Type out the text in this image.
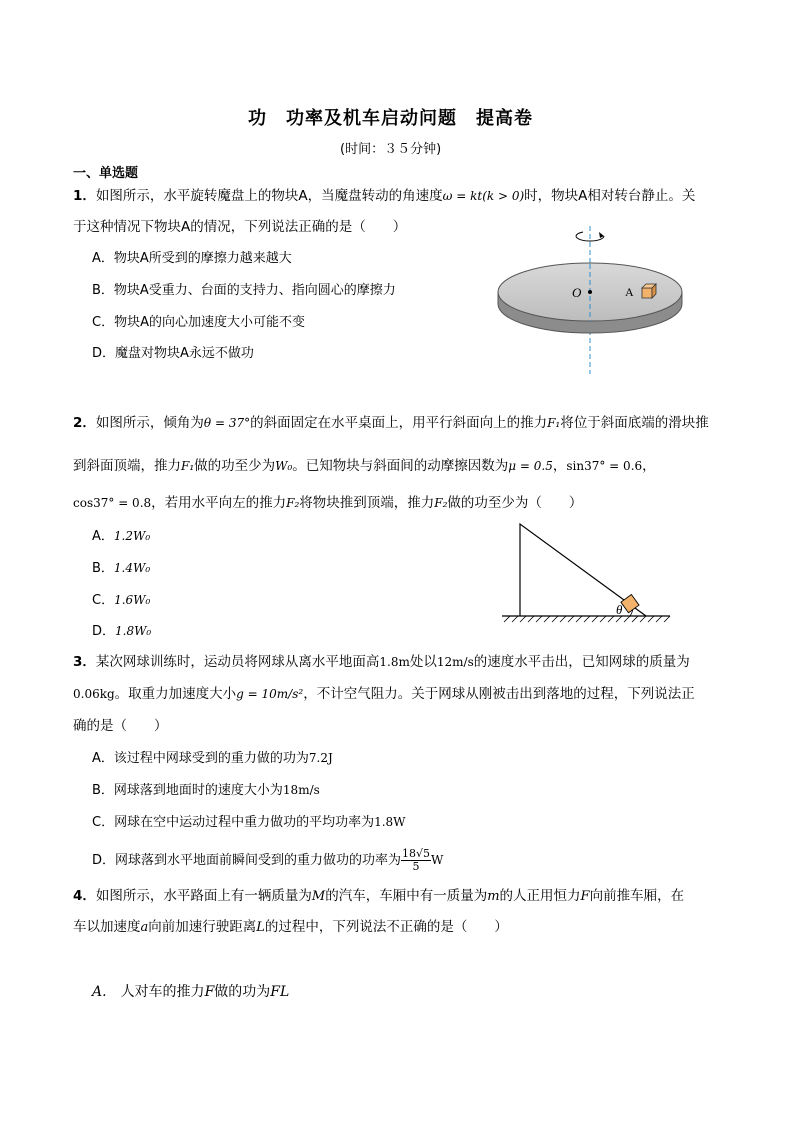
功　功率及机车启动问题　提高卷
(时间：３５分钟)
一、单选题
1．如图所示，水平旋转魔盘上的物块A，当魔盘转动的角速度ω = kt(k > 0)时，物块A相对转台静止。关
于这种情况下物块A的情况，下列说法正确的是（　　）
A．物块A所受到的摩擦力越来越大
B．物块A受重力、台面的支持力、指向圆心的摩擦力
C．物块A的向心加速度大小可能不变
D．魔盘对物块A永远不做功
O	A
2．如图所示，倾角为θ = 37°的斜面固定在水平桌面上，用平行斜面向上的推力F₁将位于斜面底端的滑块推
到斜面顶端，推力F₁做的功至少为W₀。已知物块与斜面间的动摩擦因数为μ = 0.5，sin37° = 0.6，
cos37° = 0.8，若用水平向左的推力F₂将物块推到顶端，推力F₂做的功至少为（　　）
A．1.2W₀
B．1.4W₀
C．1.6W₀
D．1.8W₀
θ
3．某次网球训练时，运动员将网球从离水平地面高1.8m处以12m/s的速度水平击出，已知网球的质量为
0.06kg。取重力加速度大小g = 10m/s²，不计空气阻力。关于网球从刚被击出到落地的过程，下列说法正
确的是（　　）
A．该过程中网球受到的重力做的功为7.2J
B．网球落到地面时的速度大小为18m/s
C．网球在空中运动过程中重力做功的平均功率为1.8W
D．网球落到水平地面前瞬间受到的重力做功的功率为 $\frac{18√5}{5}$ W
4．如图所示，水平路面上有一辆质量为M的汽车，车厢中有一质量为m的人正用恒力F向前推车厢，在
车以加速度a向前加速行驶距离L的过程中，下列说法不正确的是（　　）
A.　 人对车的推力F做的功为FL
